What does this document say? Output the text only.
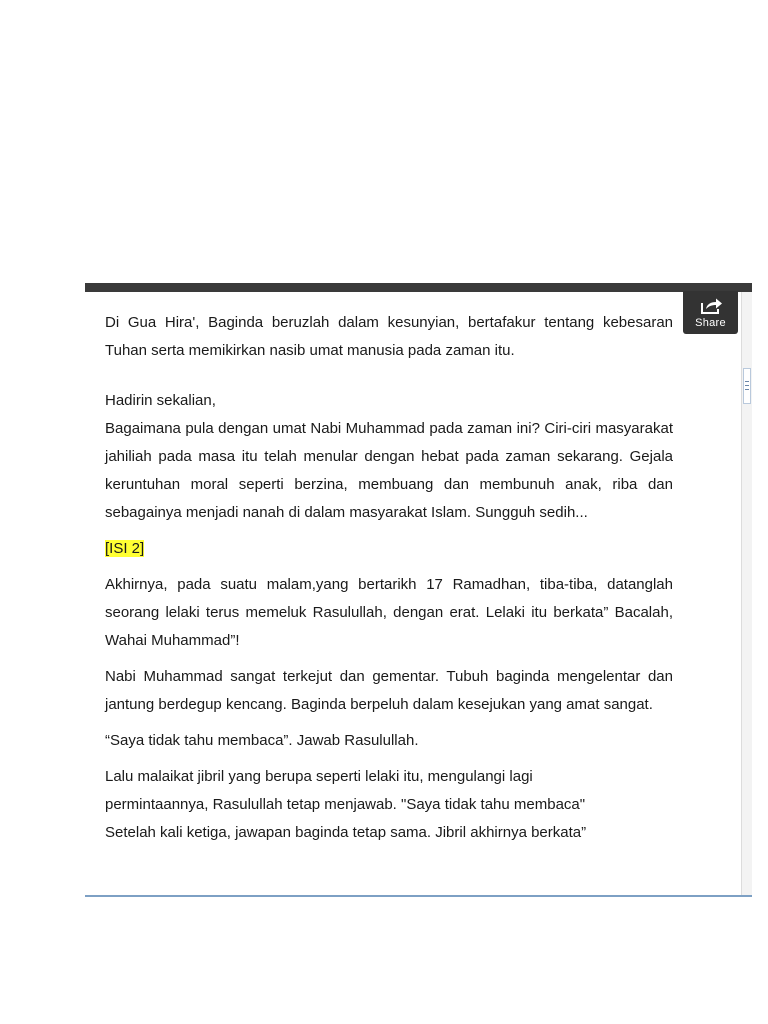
Di Gua Hira', Baginda beruzlah dalam kesunyian, bertafakur tentang kebesaran Tuhan serta memikirkan nasib umat manusia pada zaman itu.

Hadirin sekalian,

Bagaimana pula dengan umat Nabi Muhammad pada zaman ini? Ciri-ciri masyarakat jahiliah pada masa itu telah menular dengan hebat pada zaman sekarang. Gejala keruntuhan moral seperti berzina, membuang dan membunuh anak, riba dan sebagainya menjadi nanah di dalam masyarakat Islam. Sungguh sedih...

[ISI 2]

Akhirnya, pada suatu malam,yang bertarikh 17 Ramadhan, tiba-tiba, datanglah seorang lelaki terus memeluk Rasulullah, dengan erat. Lelaki itu berkata” Bacalah, Wahai Muhammad”!

Nabi Muhammad sangat terkejut dan gementar. Tubuh baginda mengelentar dan jantung berdegup kencang. Baginda berpeluh dalam kesejukan yang amat sangat.

“Saya tidak tahu membaca”. Jawab Rasulullah.

Lalu malaikat jibril yang berupa seperti lelaki itu, mengulangi lagi

permintaannya, Rasulullah tetap menjawab. "Saya tidak tahu membaca"

Setelah kali ketiga, jawapan baginda tetap sama. Jibril akhirnya berkata”

Share
